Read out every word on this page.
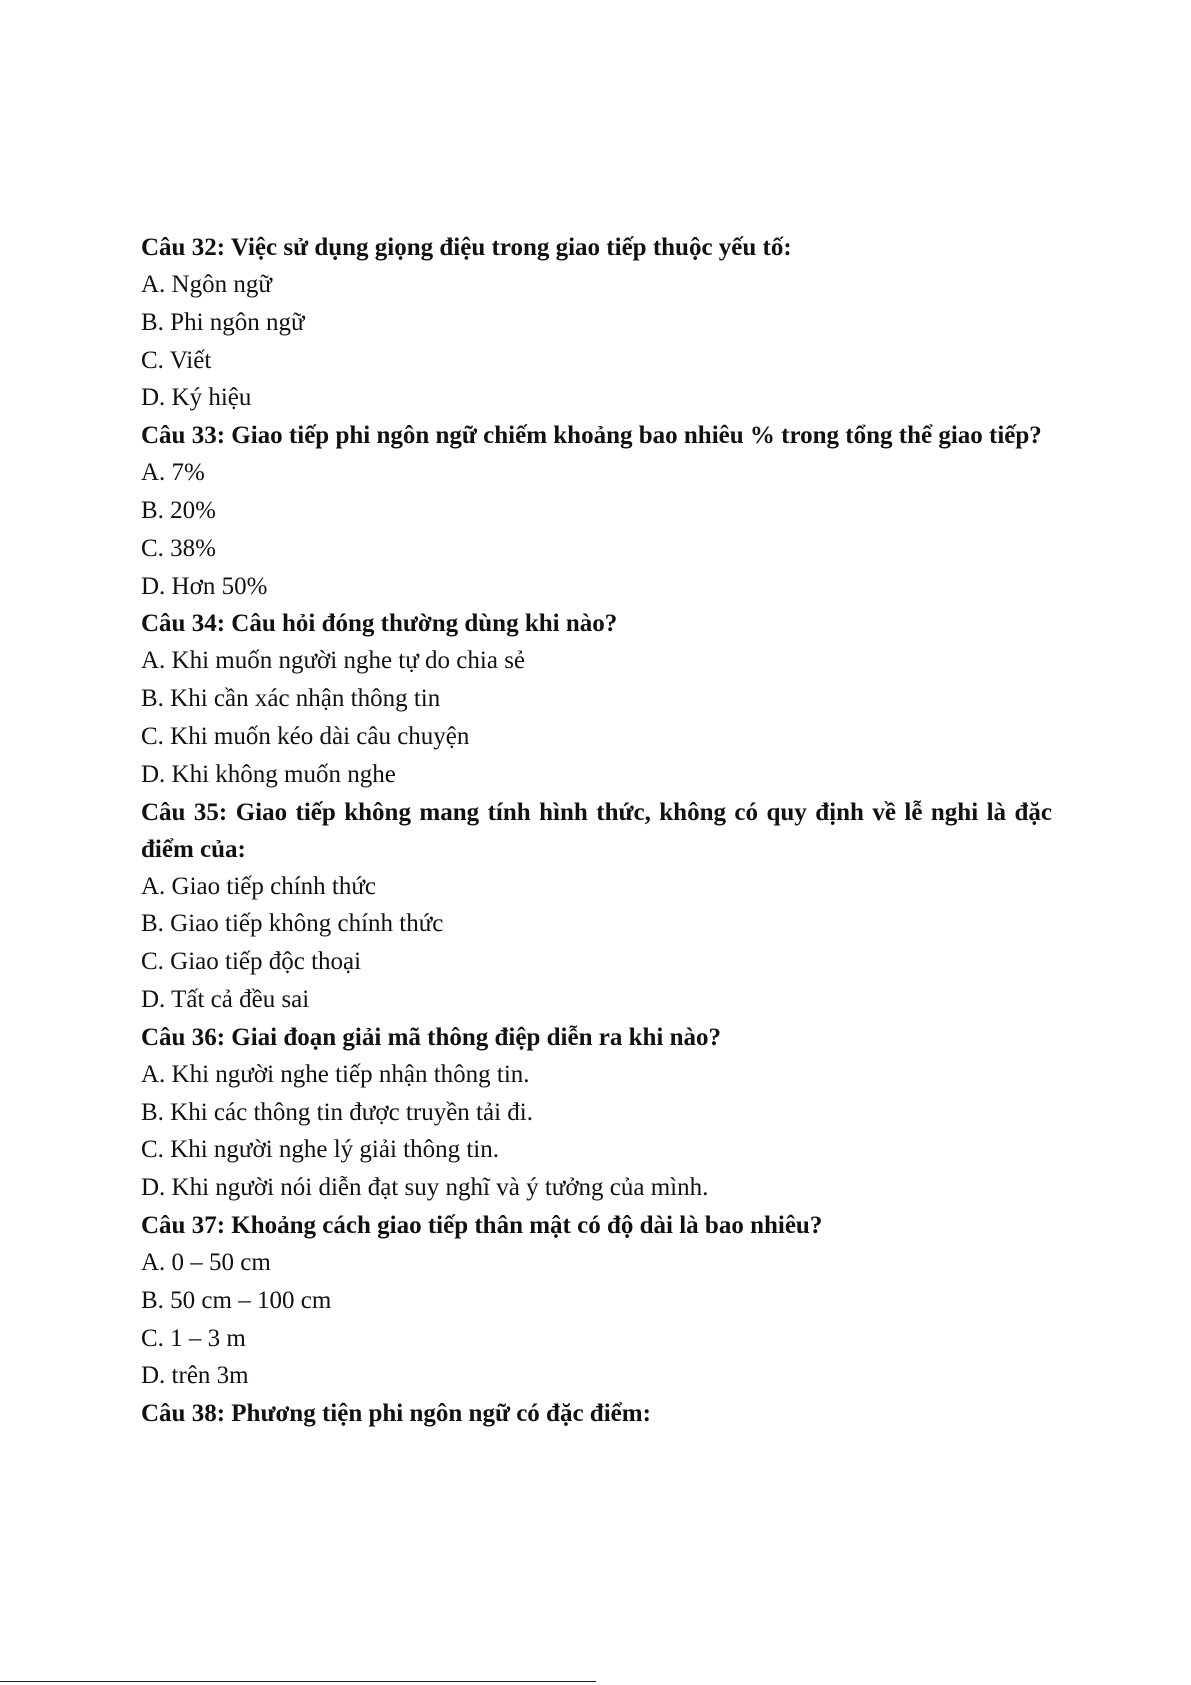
Câu 32: Việc sử dụng giọng điệu trong giao tiếp thuộc yếu tố:

A. Ngôn ngữ

B. Phi ngôn ngữ

C. Viết

D. Ký hiệu

Câu 33: Giao tiếp phi ngôn ngữ chiếm khoảng bao nhiêu % trong tổng thể giao tiếp?

A. 7%

B. 20%

C. 38%

D. Hơn 50%

Câu 34: Câu hỏi đóng thường dùng khi nào?

A. Khi muốn người nghe tự do chia sẻ

B. Khi cần xác nhận thông tin

C. Khi muốn kéo dài câu chuyện

D. Khi không muốn nghe

Câu 35: Giao tiếp không mang tính hình thức, không có quy định về lễ nghi là đặc điểm của:

A. Giao tiếp chính thức

B. Giao tiếp không chính thức

C. Giao tiếp độc thoại

D. Tất cả đều sai

Câu 36: Giai đoạn giải mã thông điệp diễn ra khi nào?

A. Khi người nghe tiếp nhận thông tin.

B. Khi các thông tin được truyền tải đi.

C. Khi người nghe lý giải thông tin.

D. Khi người nói diễn đạt suy nghĩ và ý tưởng của mình.

Câu 37: Khoảng cách giao tiếp thân mật có độ dài là bao nhiêu?

A. 0 – 50 cm

B. 50 cm – 100 cm

C. 1 – 3 m

D. trên 3m

Câu 38: Phương tiện phi ngôn ngữ có đặc điểm:
